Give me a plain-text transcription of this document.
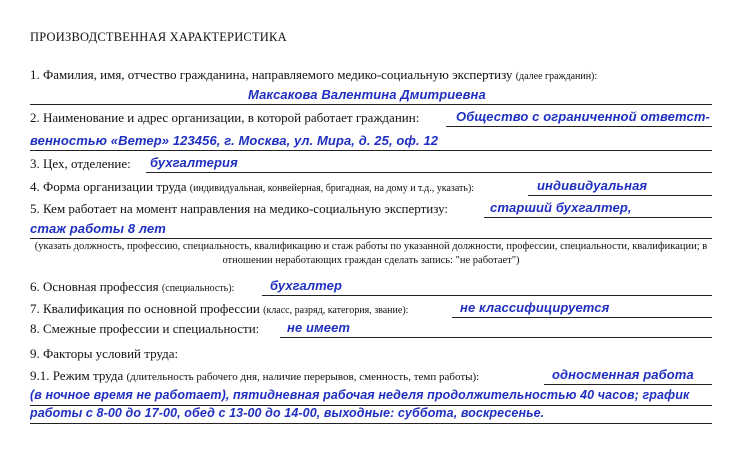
ПРОИЗВОДСТВЕННАЯ ХАРАКТЕРИСТИКА
1. Фамилия, имя, отчество гражданина, направляемого медико-социальную экспертизу (далее гражданин):
Максакова Валентина Дмитриевна
2. Наименование и адрес организации, в которой работает гражданин:	Общество с ограниченной ответст-
венностью «Ветер» 123456, г. Москва, ул. Мира, д. 25, оф. 12
3. Цех, отделение: бухгалтерия
4. Форма организации труда (индивидуальная, конвейерная, бригадная, на дому и т.д., указать):	индивидуальная
5. Кем работает на момент направления на медико-социальную экспертизу:	старший бухгалтер,
стаж работы 8 лет
(указать должность, профессию, специальность, квалификацию и стаж работы по указанной должности, профессии, специальности, квалификации; в отношении неработающих граждан сделать запись: "не работает")
6. Основная профессия (специальность):	бухгалтер
7. Квалификация по основной профессии (класс, разряд, категория, звание):	не классифицируется
8. Смежные профессии и специальности: не имеет
9. Факторы условий труда:
9.1. Режим труда (длительность рабочего дня, наличие перерывов, сменность, темп работы):	односменная работа
(в ночное время не работает), пятидневная рабочая неделя продолжительностью 40 часов; график
работы с 8-00 до 17-00, обед с 13-00 до 14-00, выходные: суббота, воскресенье.
